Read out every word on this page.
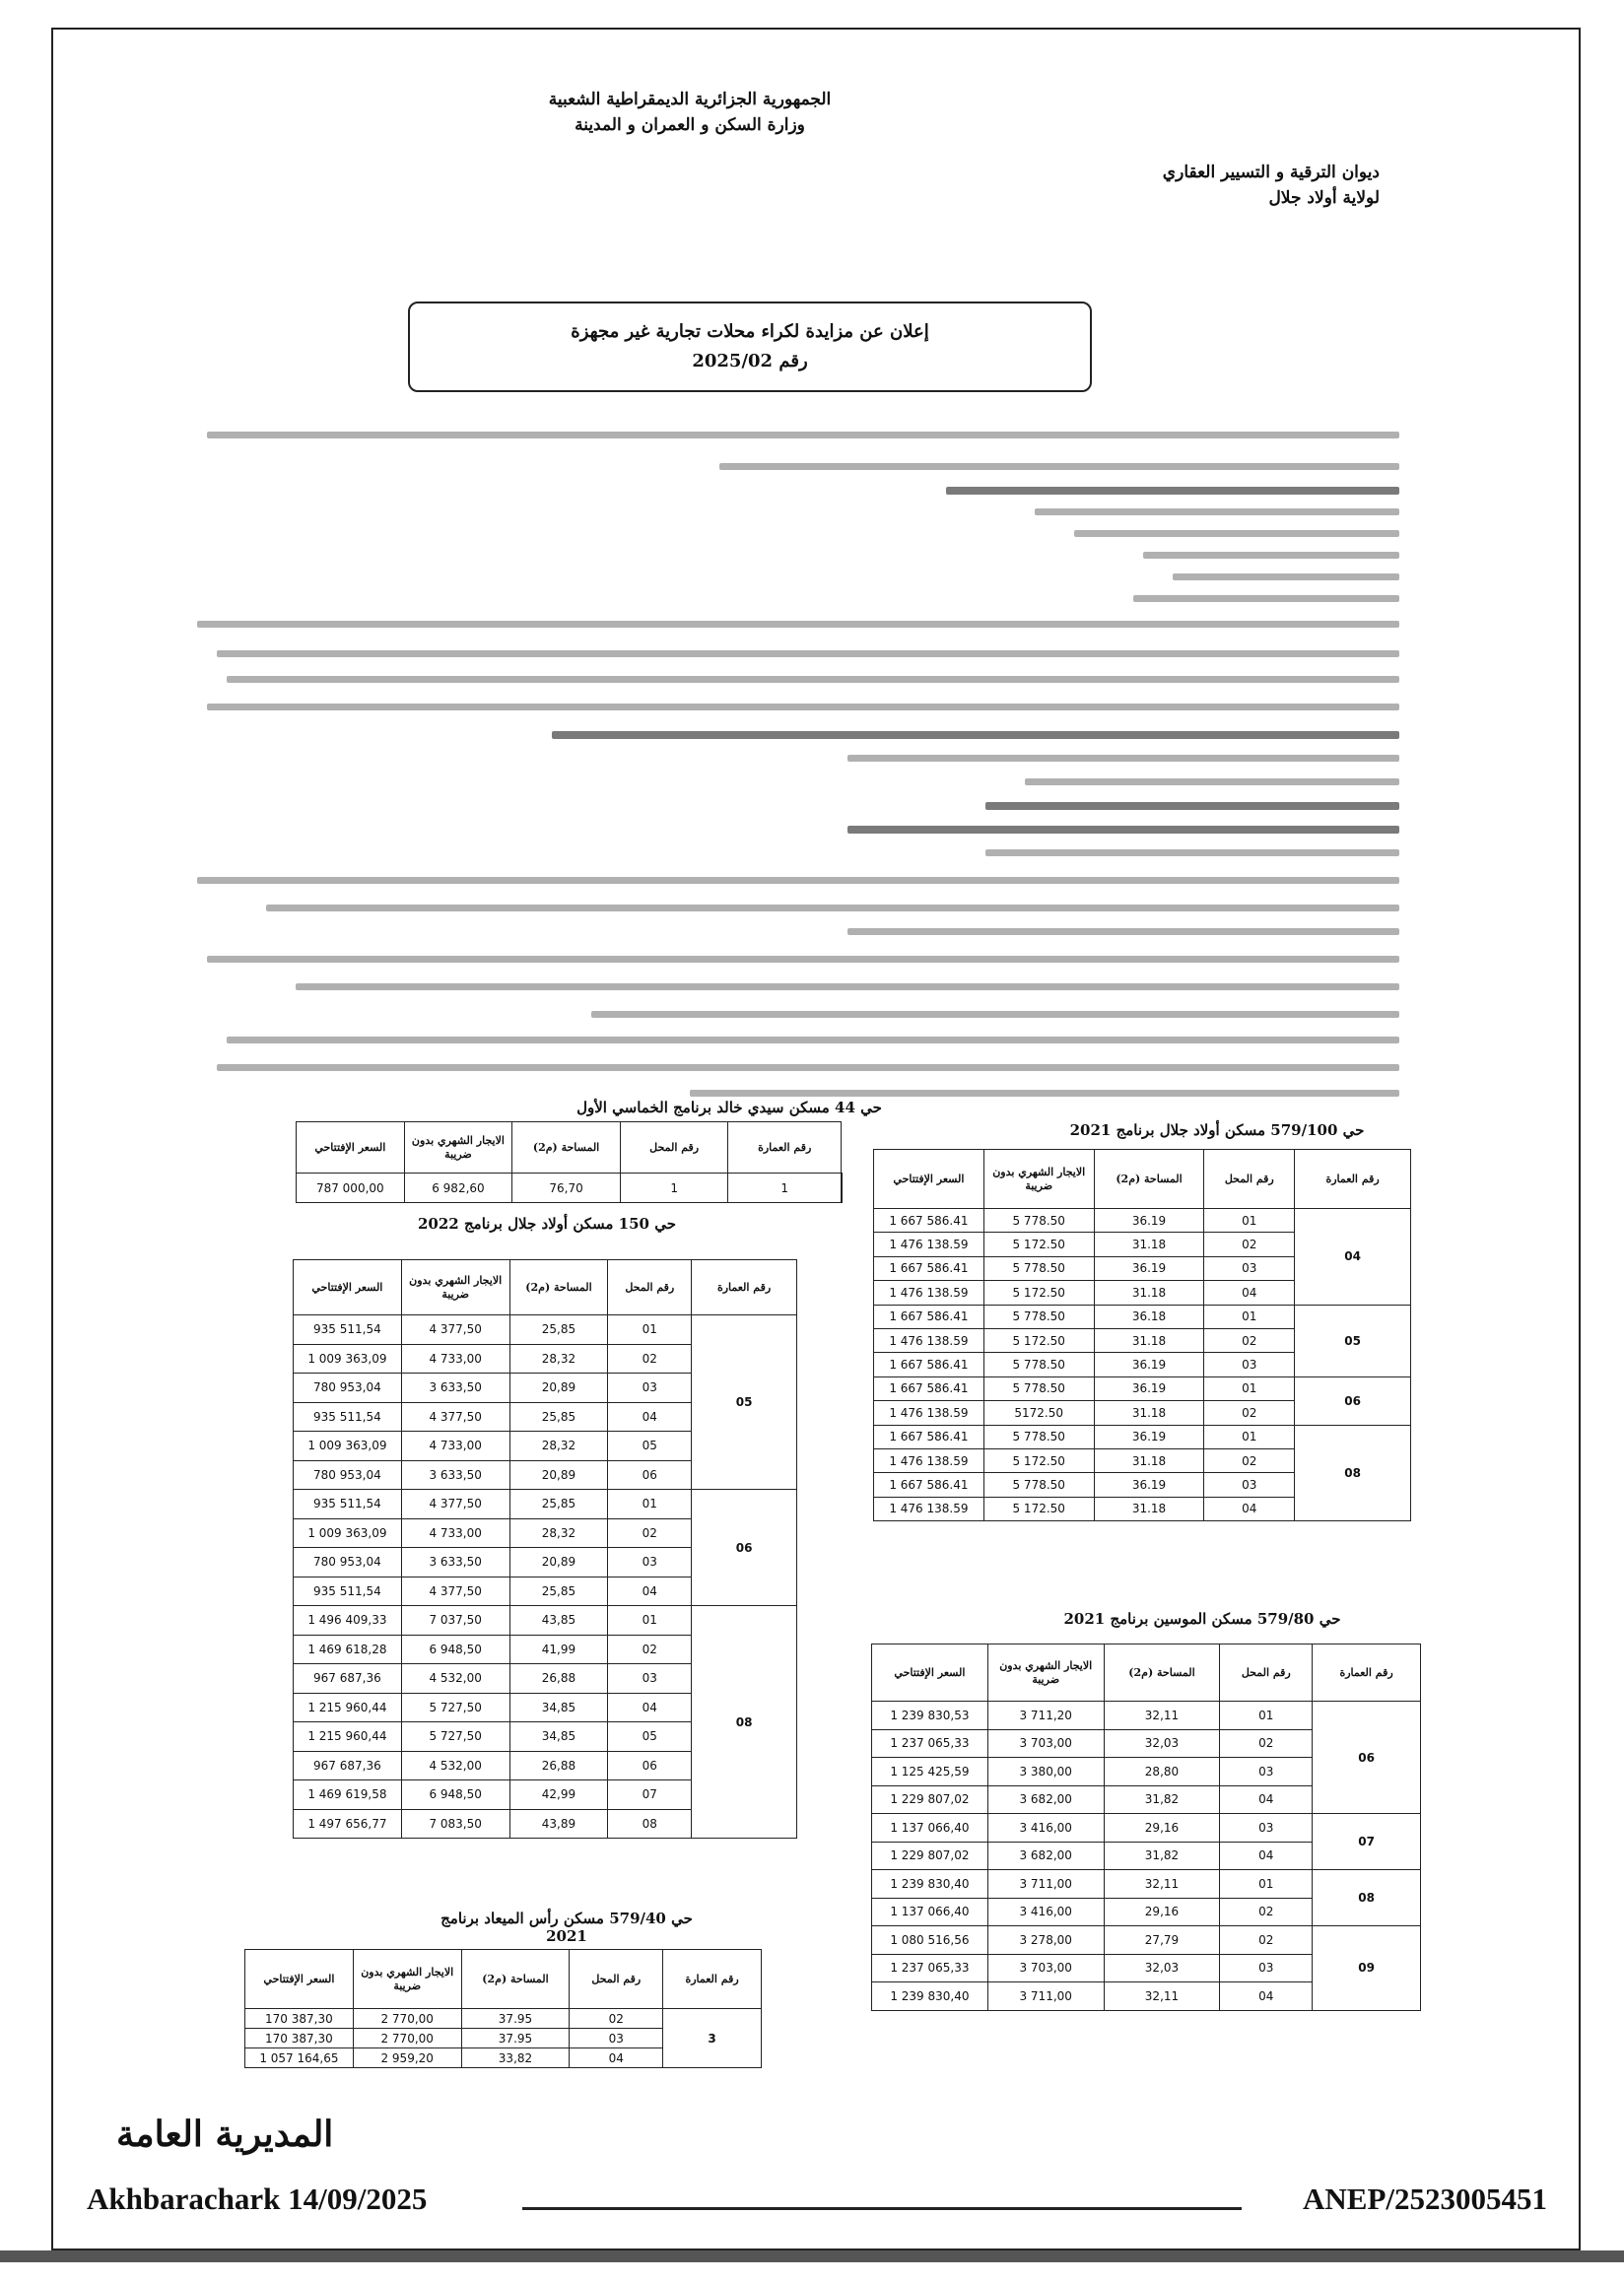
الجمهورية الجزائرية الديمقراطية الشعبية
وزارة السكن و العمران و المدينة
ديوان الترقية و التسيير العقاري
لولاية أولاد جلال
إعلان عن مزايدة لكراء محلات تجارية غير مجهزة
رقم 2025/02
حي 44 مسكن سيدي خالد برنامج الخماسي الأول
السعر الإفتتاحي	الايجار الشهري بدون ضريبة	المساحة (م2)	رقم المحل	رقم العمارة	
787 000,00	6 982,60	76,70	1	1	
حي 150 مسكن أولاد جلال برنامج 2022
السعر الإفتتاحي	الايجار الشهري بدون ضريبة	المساحة (م2)	رقم المحل	رقم العمارة
935 511,54	4 377,50	25,85	01	05
1 009 363,09	4 733,00	28,32	02	
780 953,04	3 633,50	20,89	03	
935 511,54	4 377,50	25,85	04	
1 009 363,09	4 733,00	28,32	05	
780 953,04	3 633,50	20,89	06	
935 511,54	4 377,50	25,85	01	06
1 009 363,09	4 733,00	28,32	02	
780 953,04	3 633,50	20,89	03	
935 511,54	4 377,50	25,85	04	
1 496 409,33	7 037,50	43,85	01	08
1 469 618,28	6 948,50	41,99	02	
967 687,36	4 532,00	26,88	03	
1 215 960,44	5 727,50	34,85	04	
1 215 960,44	5 727,50	34,85	05	
967 687,36	4 532,00	26,88	06	
1 469 619,58	6 948,50	42,99	07	
1 497 656,77	7 083,50	43,89	08	
حي 579/40 مسكن رأس الميعاد برنامج 2021
السعر الإفتتاحي	الايجار الشهري بدون ضريبة	المساحة (م2)	رقم المحل	رقم العمارة
170 387,30	2 770,00	37.95	02	3
170 387,30	2 770,00	37.95	03	
1 057 164,65	2 959,20	33,82	04	
حي 579/100 مسكن أولاد جلال برنامج 2021
السعر الإفتتاحي	الايجار الشهري بدون ضريبة	المساحة (م2)	رقم المحل	رقم العمارة
1 667 586.41	5 778.50	36.19	01	04
1 476 138.59	5 172.50	31.18	02	
1 667 586.41	5 778.50	36.19	03	
1 476 138.59	5 172.50	31.18	04	
1 667 586.41	5 778.50	36.18	01	05
1 476 138.59	5 172.50	31.18	02	
1 667 586.41	5 778.50	36.19	03	
1 667 586.41	5 778.50	36.19	01	06
1 476 138.59	5172.50	31.18	02	
1 667 586.41	5 778.50	36.19	01	08
1 476 138.59	5 172.50	31.18	02	
1 667 586.41	5 778.50	36.19	03	
1 476 138.59	5 172.50	31.18	04	
حي 579/80 مسكن الموسين برنامج 2021
السعر الإفتتاحي	الايجار الشهري بدون ضريبة	المساحة (م2)	رقم المحل	رقم العمارة
1 239 830,53	3 711,20	32,11	01	06
1 237 065,33	3 703,00	32,03	02	
1 125 425,59	3 380,00	28,80	03	
1 229 807,02	3 682,00	31,82	04	
1 137 066,40	3 416,00	29,16	03	07
1 229 807,02	3 682,00	31,82	04	
1 239 830,40	3 711,00	32,11	01	08
1 137 066,40	3 416,00	29,16	02	
1 080 516,56	3 278,00	27,79	02	09
1 237 065,33	3 703,00	32,03	03	
1 239 830,40	3 711,00	32,11	04	
المديرية العامة
Akhbarachark 14/09/2025	ANEP/2523005451
